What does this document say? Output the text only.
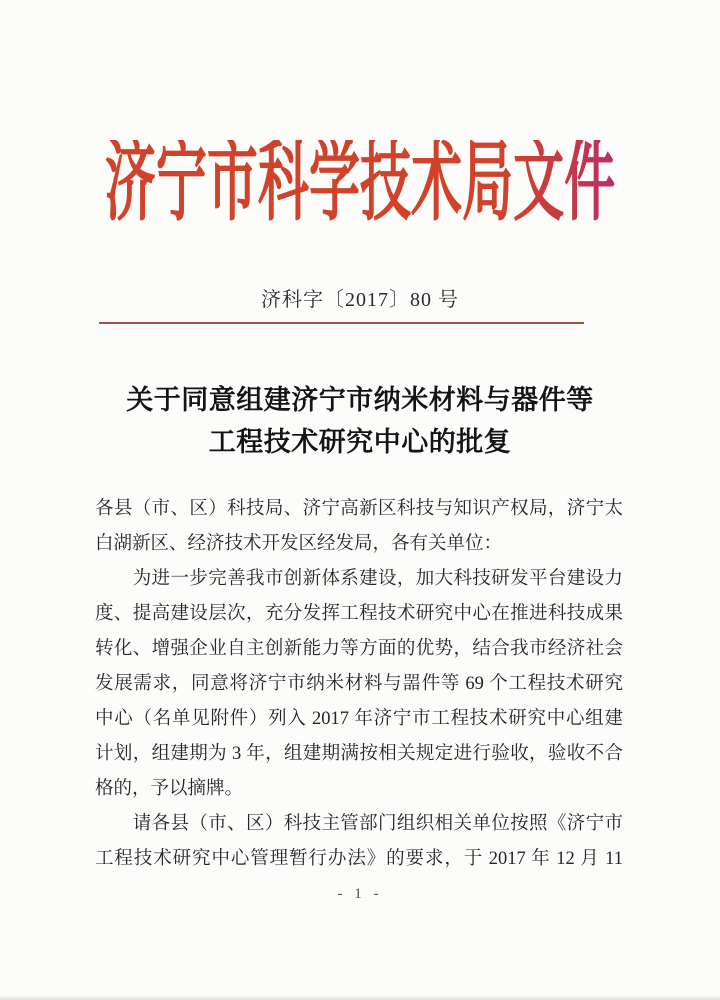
济宁市科学技术局文件
济科字〔2017〕80 号
关于同意组建济宁市纳米材料与器件等
工程技术研究中心的批复
各县（市、区）科技局、济宁高新区科技与知识产权局，济宁太
白湖新区、经济技术开发区经发局，各有关单位：
　　为进一步完善我市创新体系建设，加大科技研发平台建设力
度、提高建设层次，充分发挥工程技术研究中心在推进科技成果
转化、增强企业自主创新能力等方面的优势，结合我市经济社会
发展需求，同意将济宁市纳米材料与噐件等 69 个工程技术研究
中心（名单见附件）列入 2017 年济宁市工程技术研究中心组建
计划，组建期为 3 年，组建期满按相关规定进行验收，验收不合
格的，予以摘牌。
　　请各县（市、区）科技主管部门组织相关单位按照《济宁市
工程技术研究中心管理暂行办法》的要求，于 2017 年 12 月 11
- 1 -
